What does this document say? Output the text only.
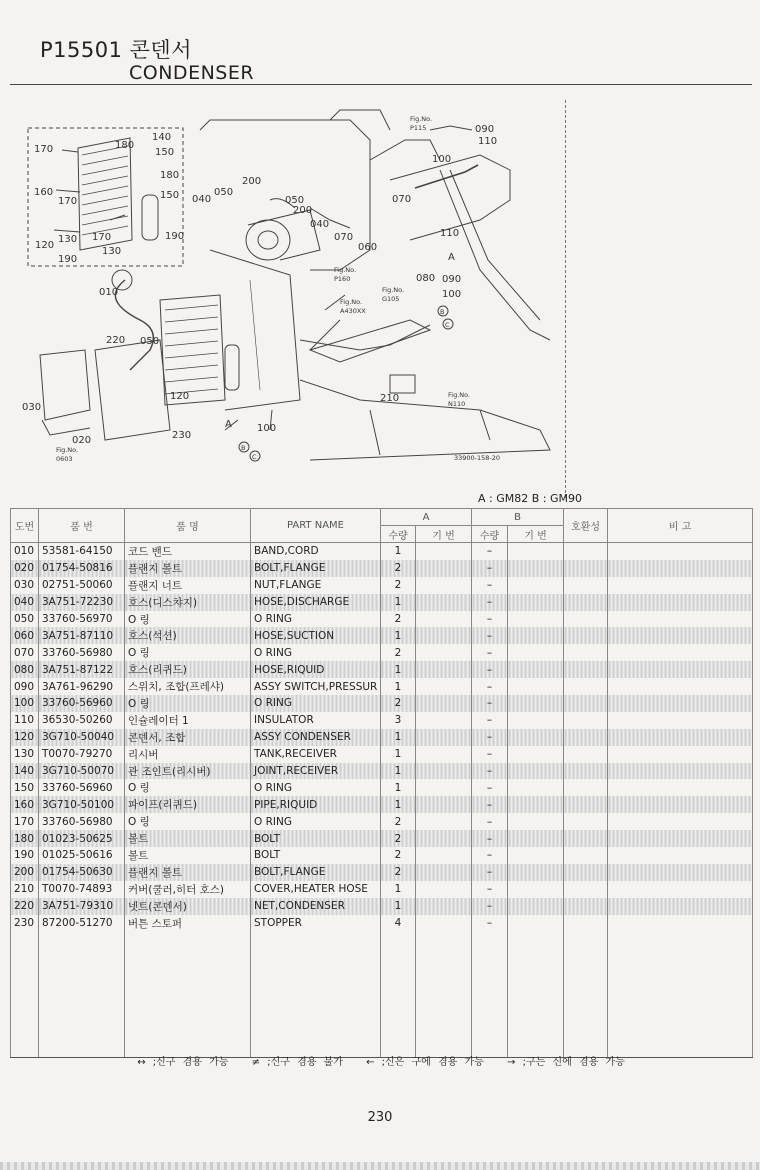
P15501 콘덴서
CONDENSER
140
150
180
170
180
160
170
150
130 170
120
130
190
190
040
050
200
050
200
040
070
060
090
110
100
070
110
080 090
100
010
220 050
120
030
020	230
100
210
A
A
Fig.No.
P115
Fig.No.
P160
Fig.No.
A430XX
Fig.No.
G105
Fig.No.
N110
Fig.No.
0603	33900-158-20
B
C
B
C
A : GM82 B : GM90
도번	품 번	품 명	PART NAME	A		B		호환성	비 고
				수량	기 번	수량	기 번		
010	53581-64150	코드 밴드	BAND,CORD	1		–			
020	01754-50816	플랜지 볼트	BOLT,FLANGE	2		–			
030	02751-50060	플랜지 너트	NUT,FLANGE	2		–			
040	3A751-72230	호스(디스챠지)	HOSE,DISCHARGE	1		–			
050	33760-56970	O 링	O RING	2		–			
060	3A751-87110	호스(석션)	HOSE,SUCTION	1		–			
070	33760-56980	O 링	O RING	2		–			
080	3A751-87122	호스(리퀴드)	HOSE,RIQUID	1		–			
090	3A761-96290	스위치, 조합(프레샤)	ASSY SWITCH,PRESSUR	1		–			
100	33760-56960	O 링	O RING	2		–			
110	36530-50260	인슐레이터 1	INSULATOR	3		–			
120	3G710-50040	콘덴서, 조합	ASSY CONDENSER	1		–			
130	T0070-79270	리시버	TANK,RECEIVER	1		–			
140	3G710-50070	관 조인트(리시버)	JOINT,RECEIVER	1		–			
150	33760-56960	O 링	O RING	1		–			
160	3G710-50100	파이프(리퀴드)	PIPE,RIQUID	1		–			
170	33760-56980	O 링	O RING	2		–			
180	01023-50625	볼트	BOLT	2		–			
190	01025-50616	볼트	BOLT	2		–			
200	01754-50630	플랜지 볼트	BOLT,FLANGE	2		–			
210	T0070-74893	커버(쿨러,히터 호스)	COVER,HEATER HOSE	1		–			
220	3A751-79310	넷트(콘덴서)	NET,CONDENSER	1		–			
230	87200-51270	버튼 스토퍼	STOPPER	4		–			

↔ ;신구 겸용 가능 ≠ ;신구 겸용 불가 ← ;신은 구에 겸용 가능 → ;구는 신에 겸용 가능
230
